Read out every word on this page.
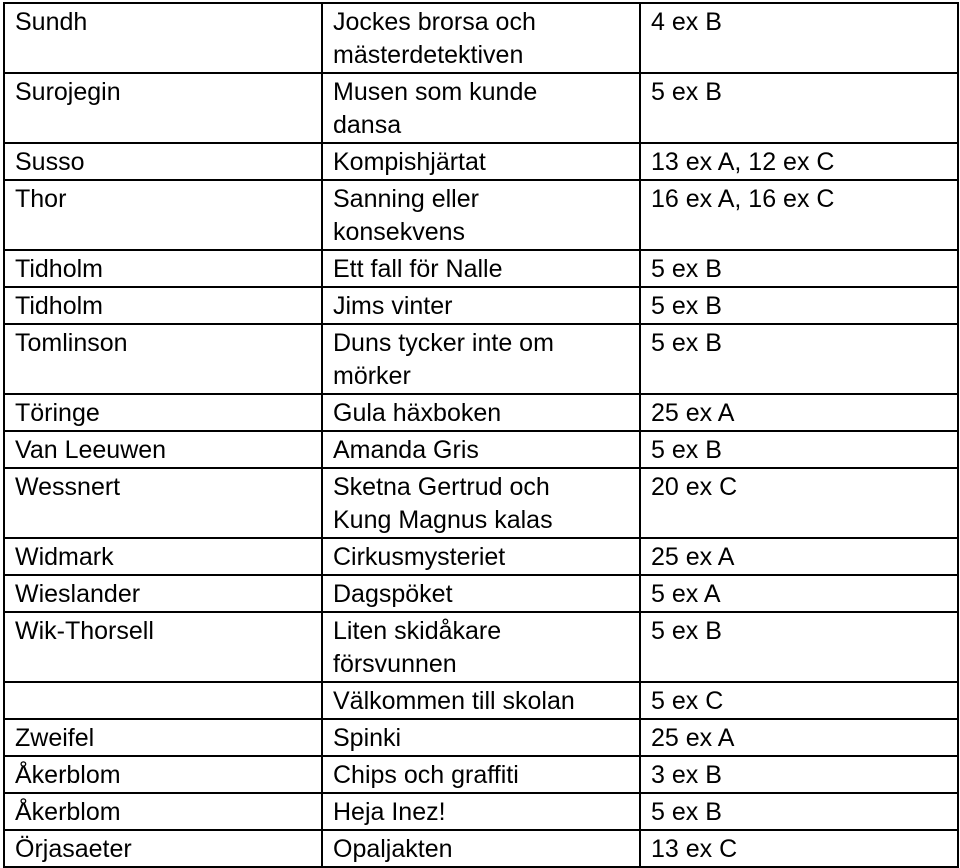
Sundh	Jockes brorsa och mästerdetektiven	4 ex B
Surojegin	Musen som kunde dansa	5 ex B
Susso	Kompishjärtat	13 ex A, 12 ex C
Thor	Sanning eller konsekvens	16 ex A, 16 ex C
Tidholm	Ett fall för Nalle	5 ex B
Tidholm	Jims vinter	5 ex B
Tomlinson	Duns tycker inte om mörker	5 ex B
Töringe	Gula häxboken	25 ex A
Van Leeuwen	Amanda Gris	5 ex B
Wessnert	Sketna Gertrud och Kung Magnus kalas	20 ex C
Widmark	Cirkusmysteriet	25 ex A
Wieslander	Dagspöket	5 ex A
Wik-Thorsell	Liten skidåkare försvunnen	5 ex B
	Välkommen till skolan	5 ex C
Zweifel	Spinki	25 ex A
Åkerblom	Chips och graffiti	3 ex B
Åkerblom	Heja Inez!	5 ex B
Örjasaeter	Opaljakten	13 ex C
